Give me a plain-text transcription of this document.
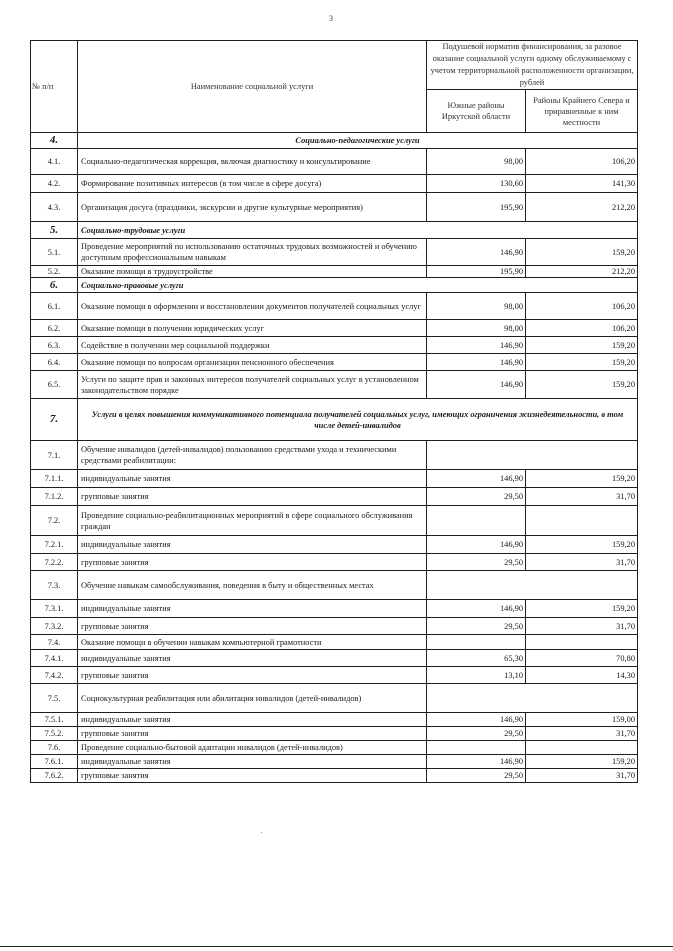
3
№ п/п	Наименование социальной услуги	Подушевой норматив финансирования, за разовое оказание социальной услуги одному обслуживаемому с учетом территориальной расположенности организации, рублей	
		Южные районы Иркутской области	Районы Крайнего Севера и приравненные к ним местности
4.	Социально-педагогические услуги		
4.1.	Социально-педагогическая коррекция, включая диагностику и консультирование	98,00	106,20
4.2.	Формирование позитивных интересов (в том числе в сфере досуга)	130,60	141,30
4.3.	Организация досуга (праздники, экскурсии и другие культурные мероприятия)	195,90	212,20
5.	Социально-трудовые услуги		
5.1.	Проведение мероприятий по использованию остаточных трудовых возможностей и обучению доступным профессиональным навыкам	146,90	159,20
5.2.	Оказание помощи в трудоустройстве	195,90	212,20
6.	Социально-правовые услуги		
6.1.	Оказание помощи в оформлении и восстановлении документов получателей социальных услуг	98,00	106,20
6.2.	Оказание помощи в получении юридических услуг	98,00	106,20
6.3.	Содействие в получении мер социальной поддержки	146,90	159,20
6.4.	Оказание помощи по вопросам организации пенсионного обеспечения	146,90	159,20
6.5.	Услуги по защите прав и законных интересов получателей социальных услуг в установленном законодательством порядке	146,90	159,20
7.	Услуги в целях повышения коммуникативного потенциала получателей социальных услуг, имеющих ограничения жизнедеятельности, в том числе детей-инвалидов		
7.1.	Обучение инвалидов (детей-инвалидов) пользованию средствами ухода и техническими средствами реабилитации:		
7.1.1.	индивидуальные занятия	146,90	159,20
7.1.2.	групповые занятия	29,50	31,70
7.2.	Проведение социально-реабилитационных мероприятий в сфере социального обслуживания граждан		
7.2.1.	индивидуальные занятия	146,90	159,20
7.2.2.	групповые занятия	29,50	31,70
7.3.	Обучение навыкам самообслуживания, поведения в быту и общественных местах		
7.3.1.	индивидуальные занятия	146,90	159,20
7.3.2.	групповые занятия	29,50	31,70
7.4.	Оказание помощи в обучении навыкам компьютерной грамотности		
7.4.1.	индивидуальные занятия	65,30	70,80
7.4.2.	групповые занятия	13,10	14,30
7.5.	Социокультурная реабилитация или абилитация инвалидов (детей-инвалидов)		
7.5.1.	индивидуальные занятия	146,90	159,00
7.5.2.	групповые занятия	29,50	31,70
7.6.	Проведение социально-бытовой адаптации инвалидов (детей-инвалидов)		
7.6.1.	индивидуальные занятия	146,90	159,20
7.6.2.	групповые занятия	29,50	31,70
